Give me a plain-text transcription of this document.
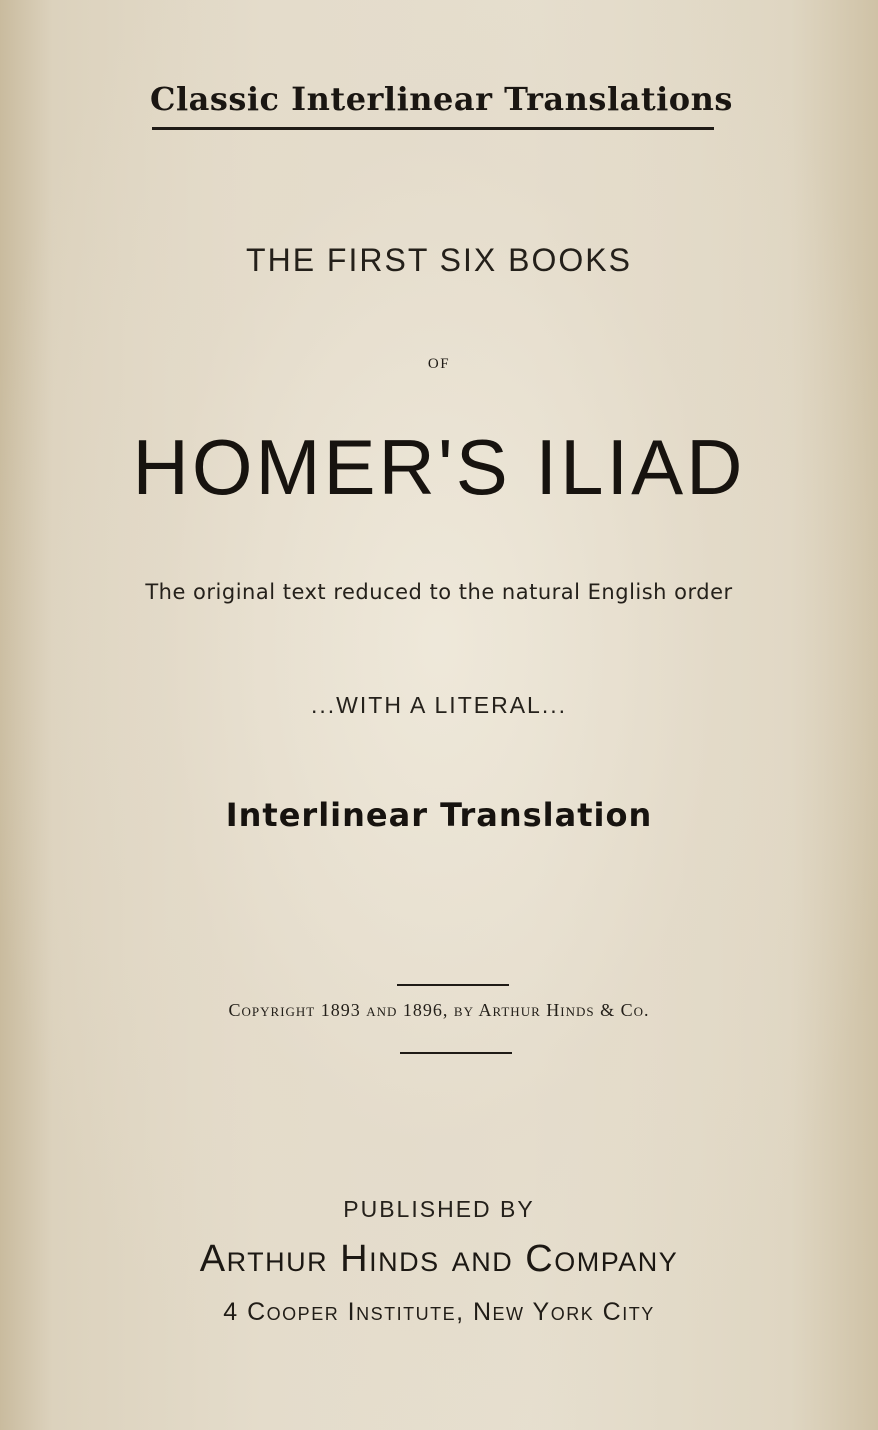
Classic Interlinear Translations
THE FIRST SIX BOOKS
OF
HOMER'S ILIAD
The original text reduced to the natural English order
...WITH A LITERAL...
Interlinear Translation
Copyright 1893 and 1896, by Arthur Hinds & Co.
PUBLISHED BY
Arthur Hinds and Company
4 Cooper Institute, New York City
